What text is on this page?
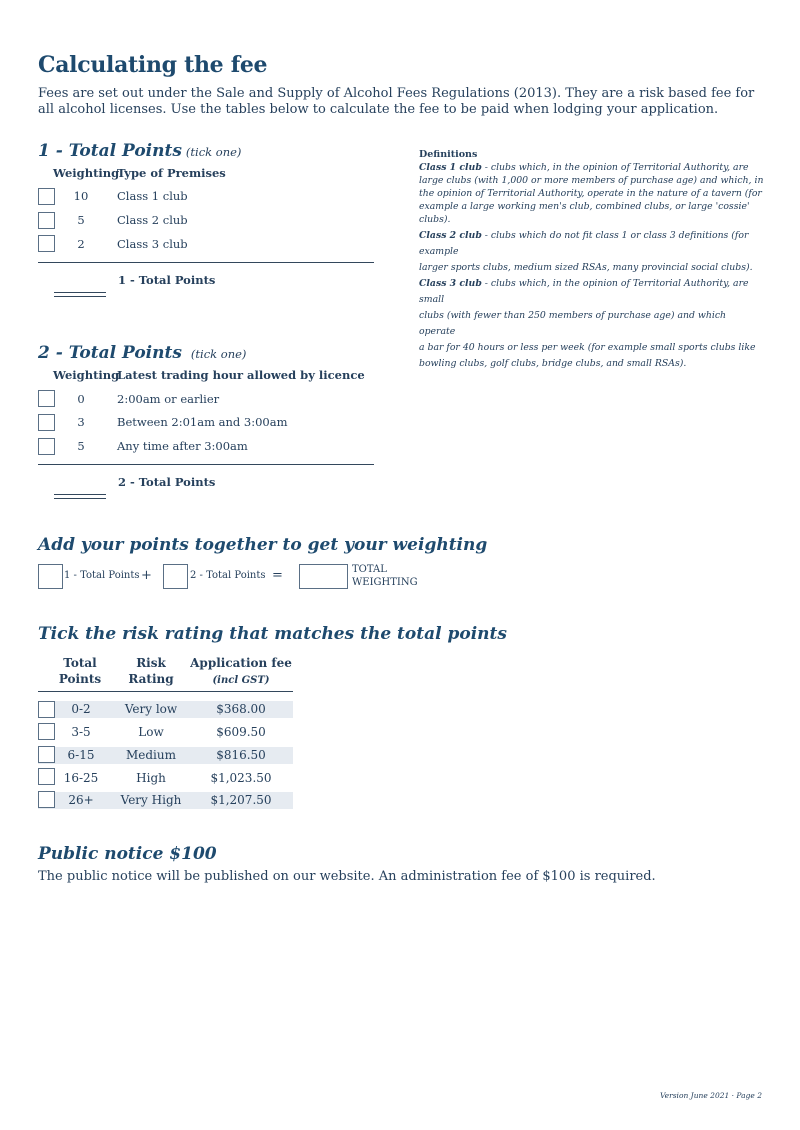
Calculating the fee

Fees are set out under the Sale and Supply of Alcohol Fees Regulations (2013). They are a risk based fee for all alcohol licenses. Use the tables below to calculate the fee to be paid when lodging your application.

1 - Total Points (tick one)
Weighting
Type of Premises
10	Class 1 club
5	Class 2 club
2	Class 3 club
1 - Total Points
Definitions
Class 1 club - clubs which, in the opinion of Territorial Authority, are
large clubs (with 1,000 or more members of purchase age) and which, in
the opinion of Territorial Authority, operate in the nature of a tavern (for
example a large working men's club, combined clubs, or large 'cossie' clubs).
Class 2 club - clubs which do not fit class 1 or class 3 definitions (for example
larger sports clubs, medium sized RSAs, many provincial social clubs).
Class 3 club - clubs which, in the opinion of Territorial Authority, are small
clubs (with fewer than 250 members of purchase age) and which operate
a bar for 40 hours or less per week (for example small sports clubs like
bowling clubs, golf clubs, bridge clubs, and small RSAs).
2 - Total Points (tick one)
Weighting
Latest trading hour allowed by licence
0	2:00am or earlier
3	Between 2:01am and 3:00am
5	Any time after 3:00am
2 - Total Points
Add your points together to get your weighting
1 - Total Points +	2 - Total Points =	TOTAL
WEIGHTING
Tick the risk rating that matches the total points
Total
Points
Risk
Rating
Application fee
(incl GST)
0-2	Very low	$368.00
3-5	Low	$609.50
6-15	Medium	$816.50
16-25	High	$1,023.50
26+	Very High	$1,207.50
Public notice $100

The public notice will be published on our website. An administration fee of $100 is required.

Version June 2021 · Page 2
